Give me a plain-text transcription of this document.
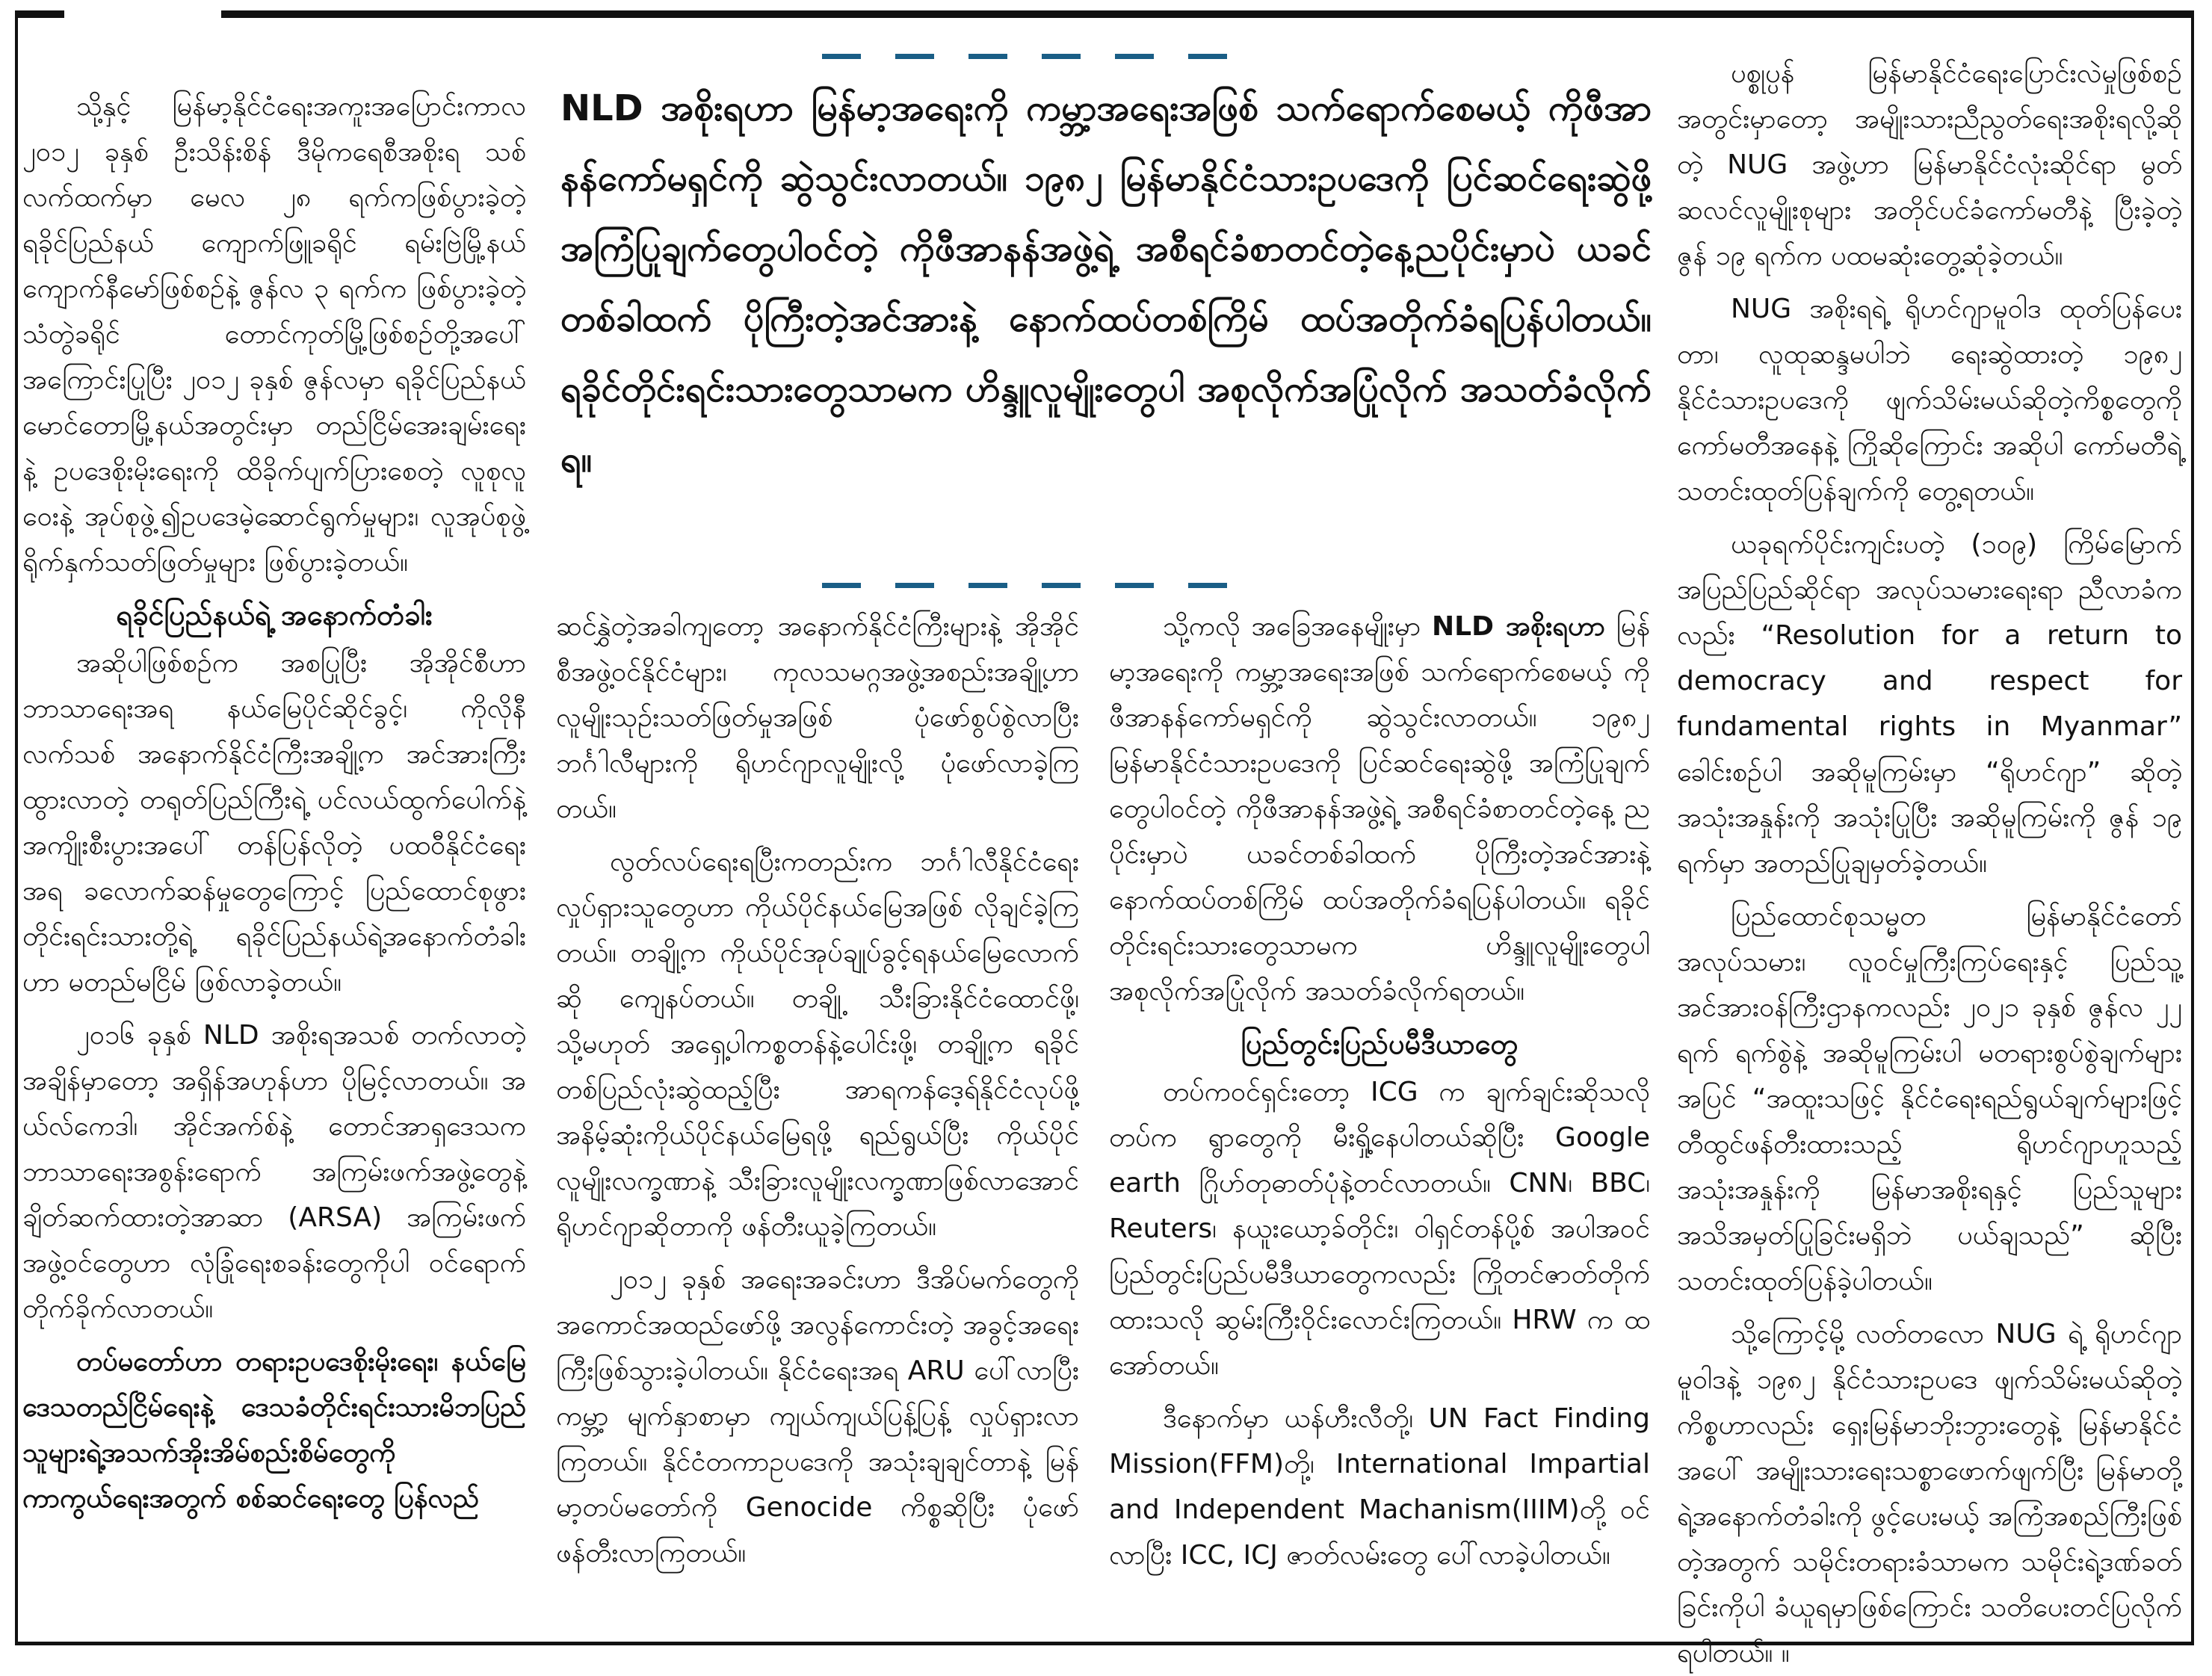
NLD အစိုးရဟာ မြန်မာ့အရေးကို ကမ္ဘာ့အရေးအဖြစ် သက်ရောက်စေမယ့် ကိုဖီအာနန်ကော်မရှင်ကို ဆွဲသွင်းလာတယ်။ ၁၉၈၂ မြန်မာနိုင်ငံသားဥပဒေကို ပြင်ဆင်ရေးဆွဲဖို့ အကြံပြုချက်တွေပါဝင်တဲ့ ကိုဖီအာနန်အဖွဲ့ရဲ့ အစီရင်ခံစာတင်တဲ့နေ့ညပိုင်းမှာပဲ ယခင်တစ်ခါထက် ပိုကြီးတဲ့အင်အားနဲ့ နောက်ထပ်တစ်ကြိမ် ထပ်အတိုက်ခံရပြန်ပါတယ်။ ရခိုင်တိုင်းရင်းသားတွေသာမက ဟိန္ဒူလူမျိုးတွေပါ အစုလိုက်အပြုံလိုက် အသတ်ခံလိုက်ရ။

သို့နှင့် မြန်မာ့နိုင်ငံရေးအကူးအပြောင်းကာလ ၂၀၁၂ ခုနှစ် ဦးသိန်းစိန် ဒီမိုကရေစီအစိုးရ သစ်လက်ထက်မှာ မေလ ၂၈ ရက်ကဖြစ်ပွားခဲ့တဲ့ ရခိုင်ပြည်နယ် ကျောက်ဖြူခရိုင် ရမ်းဗြဲမြို့နယ် ကျောက်နီမော်ဖြစ်စဉ်နဲ့ ဇွန်လ ၃ ရက်က ဖြစ်ပွားခဲ့တဲ့ သံတွဲခရိုင် တောင်ကုတ်မြို့ဖြစ်စဉ်တို့အပေါ် အကြောင်းပြုပြီး ၂၀၁၂ ခုနှစ် ဇွန်လမှာ ရခိုင်ပြည်နယ် မောင်တောမြို့နယ်အတွင်းမှာ တည်ငြိမ်အေးချမ်းရေးနဲ့ ဥပဒေစိုးမိုးရေးကို ထိခိုက်ပျက်ပြားစေတဲ့ လူစုလူဝေးနဲ့ အုပ်စုဖွဲ့၍ဥပဒေမဲ့ဆောင်ရွက်မှုများ၊ လူအုပ်စုဖွဲ့ ရိုက်နှက်သတ်ဖြတ်မှုများ ဖြစ်ပွားခဲ့တယ်။

ရခိုင်ပြည်နယ်ရဲ့ အနောက်တံခါး

အဆိုပါဖြစ်စဉ်က အစပြုပြီး အိုအိုင်စီဟာ ဘာသာရေးအရ နယ်မြေပိုင်ဆိုင်ခွင့်၊ ကိုလိုနီလက်သစ် အနောက်နိုင်ငံကြီးအချို့က အင်အားကြီးထွားလာတဲ့ တရုတ်ပြည်ကြီးရဲ့ ပင်လယ်ထွက်ပေါက်နဲ့ အကျိုးစီးပွားအပေါ် တန်ပြန်လိုတဲ့ ပထဝီနိုင်ငံရေးအရ ခလောက်ဆန်မှုတွေကြောင့် ပြည်ထောင်စုဖွားတိုင်းရင်းသားတို့ရဲ့ ရခိုင်ပြည်နယ်ရဲ့အနောက်တံခါးဟာ မတည်မငြိမ် ဖြစ်လာခဲ့တယ်။

၂၀၁၆ ခုနှစ် NLD အစိုးရအသစ် တက်လာတဲ့ အချိန်မှာတော့ အရှိန်အဟုန်ဟာ ပိုမြင့်လာတယ်။ အယ်လ်ကေဒါ၊ အိုင်အက်စ်နဲ့ တောင်အာရှဒေသက ဘာသာရေးအစွန်းရောက် အကြမ်းဖက်အဖွဲ့တွေနဲ့ ချိတ်ဆက်ထားတဲ့အာဆာ (ARSA) အကြမ်းဖက်အဖွဲ့ဝင်တွေဟာ လုံခြုံရေးစခန်းတွေကိုပါ ဝင်ရောက်တိုက်ခိုက်လာတယ်။

တပ်မတော်ဟာ တရားဥပဒေစိုးမိုးရေး၊ နယ်မြေဒေသတည်ငြိမ်ရေးနဲ့ ဒေသခံတိုင်းရင်းသားမိဘပြည်သူများရဲ့အသက်အိုးအိမ်စည်းစိမ်တွေကို ကာကွယ်ရေးအတွက် စစ်ဆင်ရေးတွေ ပြန်လည်

ဆင်နွှဲတဲ့အခါကျတော့ အနောက်နိုင်ငံကြီးများနဲ့ အိုအိုင်စီအဖွဲ့ဝင်နိုင်ငံများ၊ ကုလသမဂ္ဂအဖွဲ့အစည်းအချို့ဟာ လူမျိုးသုဉ်းသတ်ဖြတ်မှုအဖြစ် ပုံဖော်စွပ်စွဲလာပြီး ဘင်္ဂါလီများကို ရိုဟင်ဂျာလူမျိုးလို့ ပုံဖော်လာခဲ့ကြတယ်။

လွတ်လပ်ရေးရပြီးကတည်းက ဘင်္ဂါလီနိုင်ငံရေးလှုပ်ရှားသူတွေဟာ ကိုယ်ပိုင်နယ်မြေအဖြစ် လိုချင်ခဲ့ကြတယ်။ တချို့က ကိုယ်ပိုင်အုပ်ချုပ်ခွင့်ရနယ်မြေလောက်ဆို ကျေနပ်တယ်။ တချို့ သီးခြားနိုင်ငံထောင်ဖို့၊ သို့မဟုတ် အရှေ့ပါကစ္စတန်နဲ့ပေါင်းဖို့၊ တချို့က ရခိုင်တစ်ပြည်လုံးဆွဲထည့်ပြီး အာရကန်ဒေ့ရ်နိုင်ငံလုပ်ဖို့ အနိမ့်ဆုံးကိုယ်ပိုင်နယ်မြေရဖို့ ရည်ရွယ်ပြီး ကိုယ်ပိုင်လူမျိုးလက္ခဏာနဲ့ သီးခြားလူမျိုးလက္ခဏာဖြစ်လာအောင် ရိုဟင်ဂျာဆိုတာကို ဖန်တီးယူခဲ့ကြတယ်။

၂၀၁၂ ခုနှစ် အရေးအခင်းဟာ ဒီအိပ်မက်တွေကို အကောင်အထည်ဖော်ဖို့ အလွန်ကောင်းတဲ့ အခွင့်အရေးကြီးဖြစ်သွားခဲ့ပါတယ်။ နိုင်ငံရေးအရ ARU ပေါ်လာပြီး ကမ္ဘာ့ မျက်နှာစာမှာ ကျယ်ကျယ်ပြန့်ပြန့် လှုပ်ရှားလာကြတယ်။ နိုင်ငံတကာဥပဒေကို အသုံးချချင်တာနဲ့ မြန်မာ့တပ်မတော်ကို Genocide ကိစ္စဆိုပြီး ပုံဖော်ဖန်တီးလာကြတယ်။

သို့ကလို အခြေအနေမျိုးမှာ NLD အစိုးရဟာ မြန်မာ့အရေးကို ကမ္ဘာ့အရေးအဖြစ် သက်ရောက်စေမယ့် ကိုဖီအာနန်ကော်မရှင်ကို ဆွဲသွင်းလာတယ်။ ၁၉၈၂ မြန်မာနိုင်ငံသားဥပဒေကို ပြင်ဆင်ရေးဆွဲဖို့ အကြံပြုချက်တွေပါဝင်တဲ့ ကိုဖီအာနန်အဖွဲ့ရဲ့ အစီရင်ခံစာတင်တဲ့နေ့ ညပိုင်းမှာပဲ ယခင်တစ်ခါထက် ပိုကြီးတဲ့အင်အားနဲ့ နောက်ထပ်တစ်ကြိမ် ထပ်အတိုက်ခံရပြန်ပါတယ်။ ရခိုင်တိုင်းရင်းသားတွေသာမက ဟိန္ဒူလူမျိုးတွေပါ အစုလိုက်အပြုံလိုက် အသတ်ခံလိုက်ရတယ်။

ပြည်တွင်းပြည်ပမီဒီယာတွေ

တပ်ကဝင်ရှင်းတော့ ICG က ချက်ချင်းဆိုသလို တပ်က ရွာတွေကို မီးရှို့နေပါတယ်ဆိုပြီး Google earth ဂြိုဟ်တုဓာတ်ပုံနဲ့တင်လာတယ်။ CNN၊ BBC၊ Reuters၊ နယူးယော့ခ်တိုင်း၊ ဝါရှင်တန်ပို့စ် အပါအဝင် ပြည်တွင်းပြည်ပမီဒီယာတွေကလည်း ကြိုတင်ဇာတ်တိုက်ထားသလို ဆွမ်းကြီးဝိုင်းလောင်းကြတယ်။ HRW က ထအော်တယ်။

ဒီနောက်မှာ ယန်ဟီးလီတို့၊ UN Fact Finding Mission(FFM)တို့၊ International Impartial and Independent Machanism(IIIM)တို့ ဝင်လာပြီး ICC, ICJ ဇာတ်လမ်းတွေ ပေါ်လာခဲ့ပါတယ်။

ပစ္စုပ္ပန် မြန်မာနိုင်ငံရေးပြောင်းလဲမှုဖြစ်စဉ်အတွင်းမှာတော့ အမျိုးသားညီညွတ်ရေးအစိုးရလို့ဆိုတဲ့ NUG အဖွဲ့ဟာ မြန်မာနိုင်ငံလုံးဆိုင်ရာ မွတ်ဆလင်လူမျိုးစုများ အတိုင်ပင်ခံကော်မတီနဲ့ ပြီးခဲ့တဲ့ ဇွန် ၁၉ ရက်က ပထမဆုံးတွေ့ဆုံခဲ့တယ်။

NUG အစိုးရရဲ့ ရိုဟင်ဂျာမူဝါဒ ထုတ်ပြန်ပေးတာ၊ လူထုဆန္ဒမပါဘဲ ရေးဆွဲထားတဲ့ ၁၉၈၂ နိုင်ငံသားဥပဒေကို ဖျက်သိမ်းမယ်ဆိုတဲ့ကိစ္စတွေကို ကော်မတီအနေနဲ့ ကြိုဆိုကြောင်း အဆိုပါ ကော်မတီရဲ့သတင်းထုတ်ပြန်ချက်ကို တွေ့ရတယ်။

ယခုရက်ပိုင်းကျင်းပတဲ့ (၁၀၉) ကြိမ်မြောက် အပြည်ပြည်ဆိုင်ရာ အလုပ်သမားရေးရာ ညီလာခံကလည်း “Resolution for a return to democracy and respect for fundamental rights in Myanmar” ခေါင်းစဉ်ပါ အဆိုမူကြမ်းမှာ “ရိုဟင်ဂျာ” ဆိုတဲ့အသုံးအနှုန်းကို အသုံးပြုပြီး အဆိုမူကြမ်းကို ဇွန် ၁၉ ရက်မှာ အတည်ပြုချမှတ်ခဲ့တယ်။

ပြည်ထောင်စုသမ္မတ မြန်မာနိုင်ငံတော် အလုပ်သမား၊ လူဝင်မှုကြီးကြပ်ရေးနှင့် ပြည်သူ့အင်အားဝန်ကြီးဌာနကလည်း ၂၀၂၁ ခုနှစ် ဇွန်လ ၂၂ ရက် ရက်စွဲနဲ့ အဆိုမူကြမ်းပါ မတရားစွပ်စွဲချက်များအပြင် “အထူးသဖြင့် နိုင်ငံရေးရည်ရွယ်ချက်များဖြင့် တီထွင်ဖန်တီးထားသည့် ရိုဟင်ဂျာဟူသည့် အသုံးအနှုန်းကို မြန်မာအစိုးရနှင့် ပြည်သူများ အသိအမှတ်ပြုခြင်းမရှိဘဲ ပယ်ချသည်” ဆိုပြီး သတင်းထုတ်ပြန်ခဲ့ပါတယ်။

သို့ကြောင့်မို့ လတ်တလော NUG ရဲ့ ရိုဟင်ဂျာမူဝါဒနဲ့ ၁၉၈၂ နိုင်ငံသားဥပဒေ ဖျက်သိမ်းမယ်ဆိုတဲ့ ကိစ္စဟာလည်း ရှေးမြန်မာဘိုးဘွားတွေနဲ့ မြန်မာနိုင်ငံအပေါ် အမျိုးသားရေးသစ္စာဖောက်ဖျက်ပြီး မြန်မာတို့ရဲ့အနောက်တံခါးကို ဖွင့်ပေးမယ့် အကြံအစည်ကြီးဖြစ်တဲ့အတွက် သမိုင်းတရားခံသာမက သမိုင်းရဲ့ဒဏ်ခတ်ခြင်းကိုပါ ခံယူရမှာဖြစ်ကြောင်း သတိပေးတင်ပြလိုက်ရပါတယ်။ ။
